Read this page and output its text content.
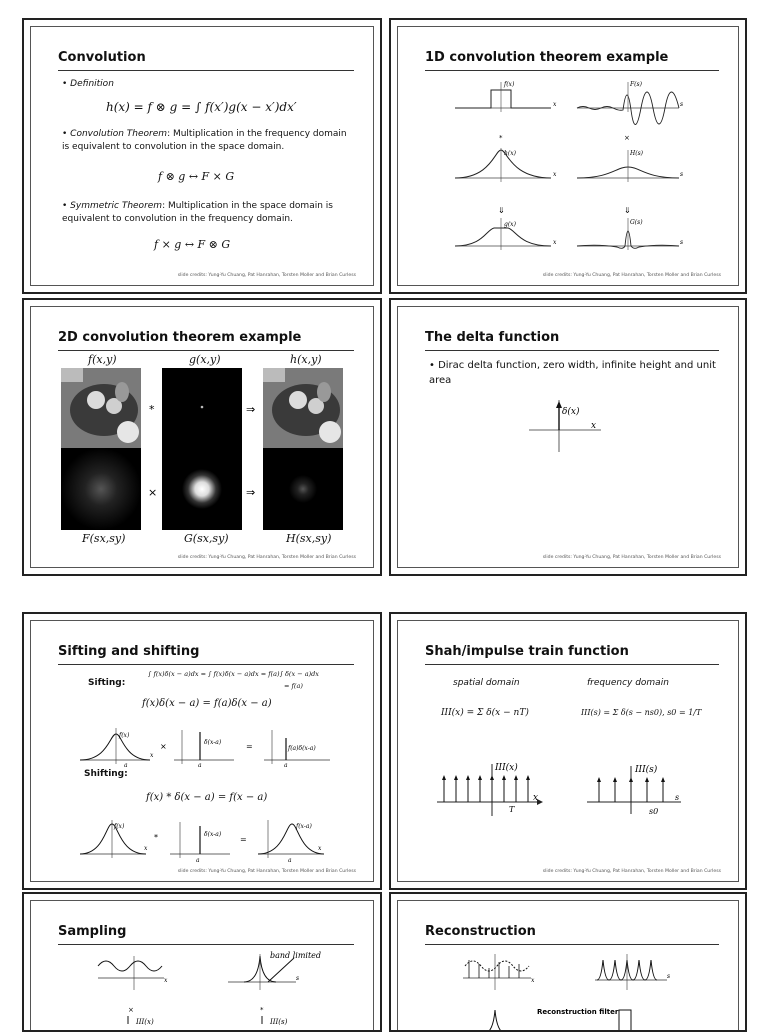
Convolution
• Definition
h(x) = f ⊗ g = ∫ f(x′)g(x − x′)dx′
• Convolution Theorem: Multiplication in the frequency domain is equivalent to convolution in the space domain.
f ⊗ g ↔ F × G
• Symmetric Theorem: Multiplication in the space domain is equivalent to convolution in the frequency domain.
f × g ↔ F ⊗ G
slide credits: Yung-Yu Chuang, Pat Hanrahan, Torsten Moller and Brian Curless
1D convolution theorem example
f(x)
x
F(s)
s
*	×
h(x)
x
H(s)
s
⇓	⇓
g(x)
x
G(s)
s
slide credits: Yung-Yu Chuang, Pat Hanrahan, Torsten Moller and Brian Curless
2D convolution theorem example
f(x,y)	g(x,y)	h(x,y)
*
×
⇒
⇒
F(sx,sy)	G(sx,sy)	H(sx,sy)
slide credits: Yung-Yu Chuang, Pat Hanrahan, Torsten Moller and Brian Curless
The delta function
• Dirac delta function, zero width, infinite height and unit area
δ(x)
x
slide credits: Yung-Yu Chuang, Pat Hanrahan, Torsten Moller and Brian Curless
Sifting and shifting
Sifting:
∫ f(x)δ(x − a)dx = ∫ f(x)δ(x − a)dx = f(a)∫ δ(x − a)dx
= f(a)
f(x)δ(x − a) = f(a)δ(x − a)
Shifting:
f(x) * δ(x − a) = f(x − a)
f(x)
x
a
×	δ(x-a)
a
=	f(a)δ(x-a)
a
f(x)
x
*	δ(x-a)
a
=
f(x-a)
a
x
slide credits: Yung-Yu Chuang, Pat Hanrahan, Torsten Moller and Brian Curless
Shah/impulse train function
spatial domain	frequency domain
III(x) = Σ δ(x − nT)	III(s) = Σ δ(s − ns0), s0 = 1/T
III(x)
x
T
III(s)
s
s0
slide credits: Yung-Yu Chuang, Pat Hanrahan, Torsten Moller and Brian Curless
Sampling
x
band limited
s
×	*
III(x)	III(s)
Reconstruction
x
s
Reconstruction filter
